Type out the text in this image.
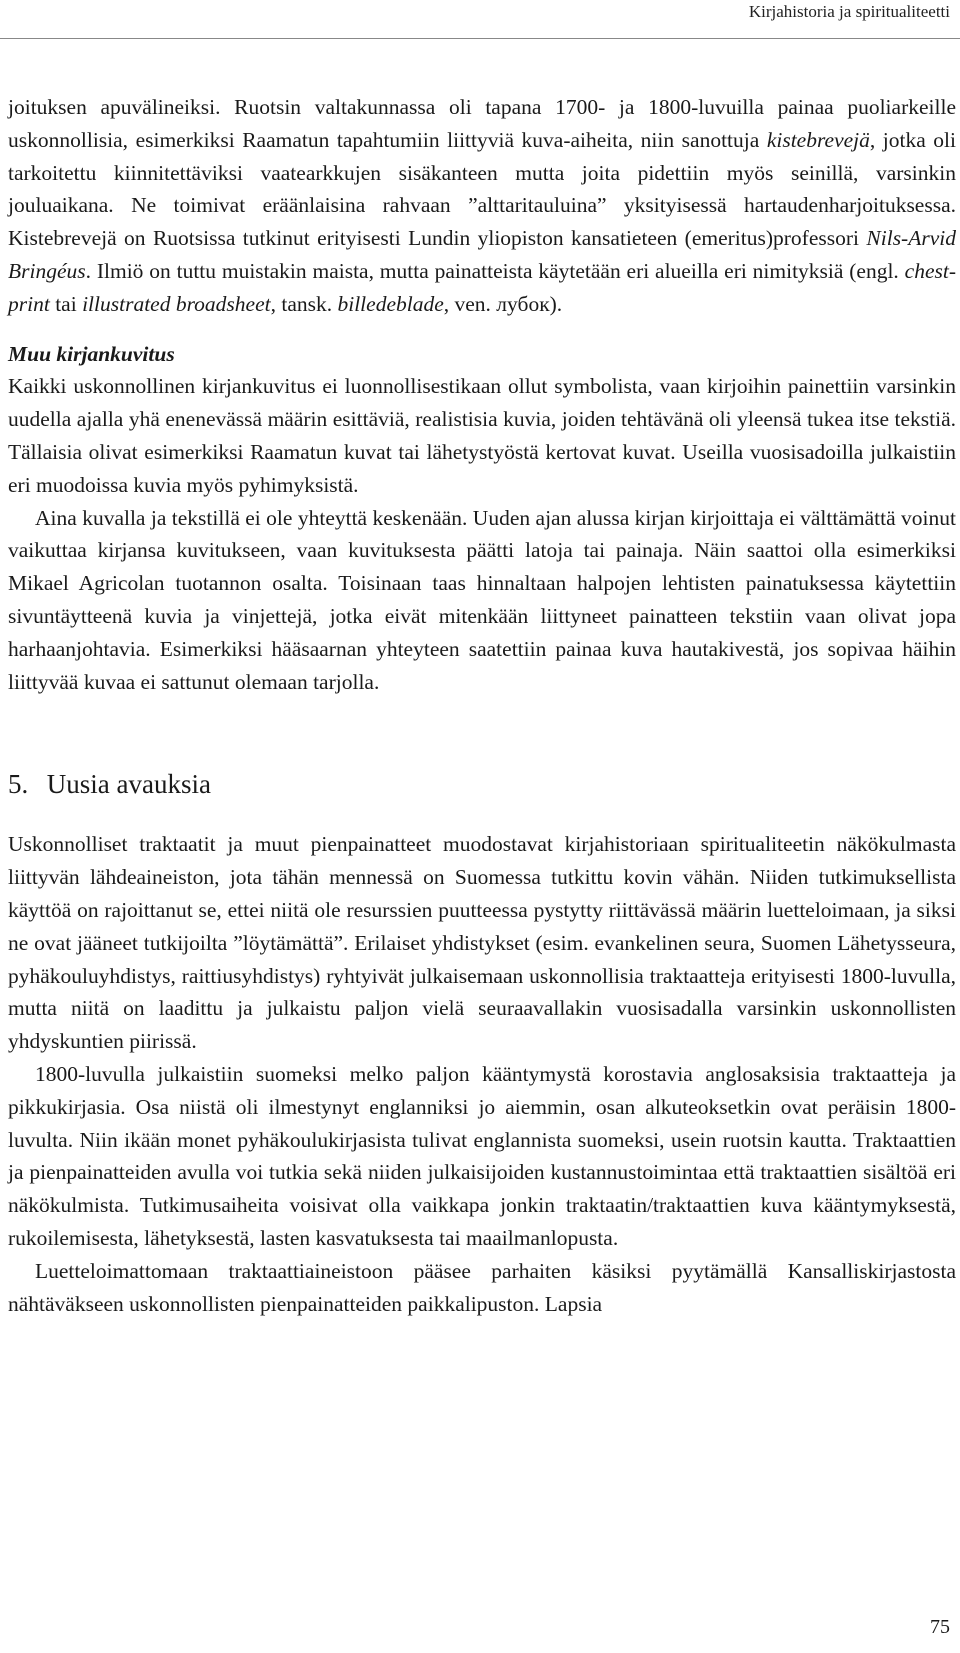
Kirjahistoria ja spiritualiteetti

joituksen apuvälineiksi. Ruotsin valtakunnassa oli tapana 1700- ja 1800-luvuilla painaa puoliarkeille uskonnollisia, esimerkiksi Raamatun tapahtumiin liittyviä kuva-aiheita, niin sanottuja kistebrevejä, jotka oli tarkoitettu kiinnitettäviksi vaatearkkujen sisäkanteen mutta joita pidettiin myös seinillä, varsinkin jouluaikana. Ne toimivat eräänlaisina rahvaan ”alttaritauluina” yksityisessä hartaudenharjoituksessa. Kistebrevejä on Ruotsissa tutkinut erityisesti Lundin yliopiston kansatieteen (emeritus)professori Nils-Arvid Bringéus. Ilmiö on tuttu muistakin maista, mutta painatteista käytetään eri alueilla eri nimityksiä (engl. chest-print tai illustrated broadsheet, tansk. billedeblade, ven. лубок).

Muu kirjankuvitus

Kaikki uskonnollinen kirjankuvitus ei luonnollisestikaan ollut symbolista, vaan kirjoihin painettiin varsinkin uudella ajalla yhä enenevässä määrin esittäviä, realistisia kuvia, joiden tehtävänä oli yleensä tukea itse tekstiä. Tällaisia olivat esimerkiksi Raamatun kuvat tai lähetystyöstä kertovat kuvat. Useilla vuosisadoilla julkaistiin eri muodoissa kuvia myös pyhimyksistä.

Aina kuvalla ja tekstillä ei ole yhteyttä keskenään. Uuden ajan alussa kirjan kirjoittaja ei välttämättä voinut vaikuttaa kirjansa kuvitukseen, vaan kuvituksesta päätti latoja tai painaja. Näin saattoi olla esimerkiksi Mikael Agricolan tuotannon osalta. Toisinaan taas hinnaltaan halpojen lehtisten painatuksessa käytettiin sivuntäytteenä kuvia ja vinjettejä, jotka eivät mitenkään liittyneet painatteen tekstiin vaan olivat jopa harhaanjohtavia. Esimerkiksi hääsaarnan yhteyteen saatettiin painaa kuva hautakivestä, jos sopivaa häihin liittyvää kuvaa ei sattunut olemaan tarjolla.

5. Uusia avauksia

Uskonnolliset traktaatit ja muut pienpainatteet muodostavat kirjahistoriaan spiritualiteetin näkökulmasta liittyvän lähdeaineiston, jota tähän mennessä on Suomessa tutkittu kovin vähän. Niiden tutkimuksellista käyttöä on rajoittanut se, ettei niitä ole resurssien puutteessa pystytty riittävässä määrin luetteloimaan, ja siksi ne ovat jääneet tutkijoilta ”löytämättä”. Erilaiset yhdistykset (esim. evankelinen seura, Suomen Lähetysseura, pyhäkouluyhdistys, raittiusyhdistys) ryhtyivät julkaisemaan uskonnollisia traktaatteja erityisesti 1800-luvulla, mutta niitä on laadittu ja julkaistu paljon vielä seuraavallakin vuosisadalla varsinkin uskonnollisten yhdyskuntien piirissä.

1800-luvulla julkaistiin suomeksi melko paljon kääntymystä korostavia anglosaksisia traktaatteja ja pikkukirjasia. Osa niistä oli ilmestynyt englanniksi jo aiemmin, osan alkuteoksetkin ovat peräisin 1800-luvulta. Niin ikään monet pyhäkoulukirjasista tulivat englannista suomeksi, usein ruotsin kautta. Traktaattien ja pienpainatteiden avulla voi tutkia sekä niiden julkaisijoiden kustannustoimintaa että traktaattien sisältöä eri näkökulmista. Tutkimusaiheita voisivat olla vaikkapa jonkin traktaatin/traktaattien kuva kääntymyksestä, rukoilemisesta, lähetyksestä, lasten kasvatuksesta tai maailmanlopusta.

Luetteloimattomaan traktaattiaineistoon pääsee parhaiten käsiksi pyytämällä Kansalliskirjastosta nähtäväkseen uskonnollisten pienpainatteiden paikkalipuston. Lapsia

75
